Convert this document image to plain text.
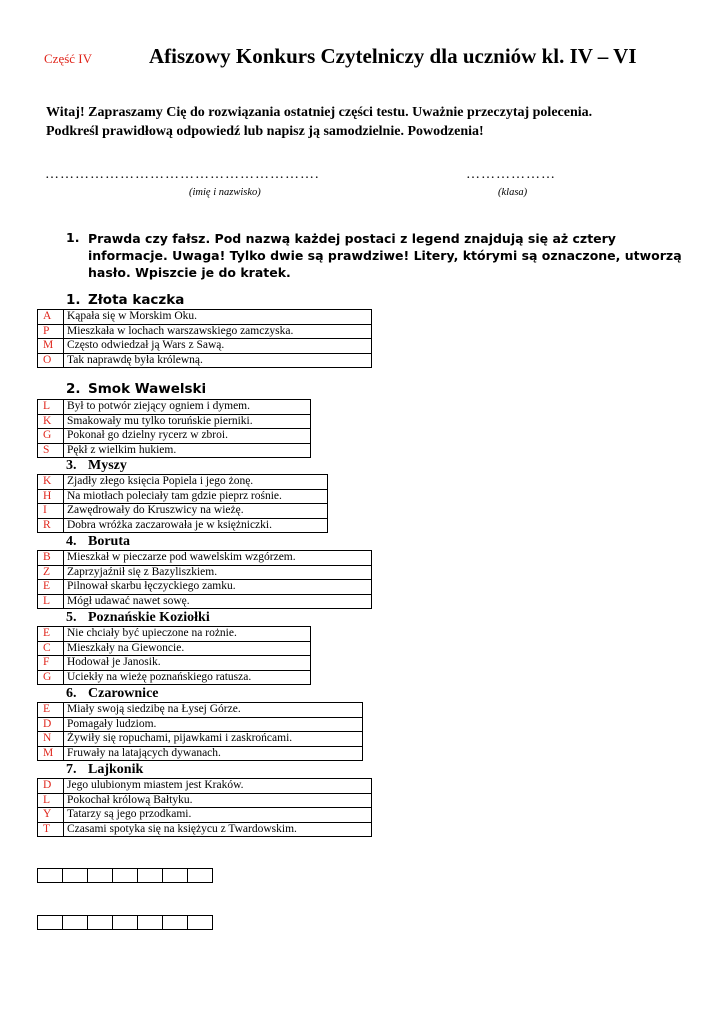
Część IV	Afiszowy Konkurs Czytelniczy dla uczniów kl. IV – VI
Witaj! Zapraszamy Cię do rozwiązania ostatniej części testu. Uważnie przeczytaj polecenia.
Podkreśl prawidłową odpowiedź lub napisz ją samodzielnie. Powodzenia!
……………………………………………….	………………
(imię i nazwisko)	(klasa)
1. Prawda czy fałsz. Pod nazwą każdej postaci z legend znajdują się aż cztery informacje. Uwaga! Tylko dwie są prawdziwe! Litery, którymi są oznaczone, utworzą hasło. Wpiszcie je do kratek.
1. Złota kaczka
A	Kąpała się w Morskim Oku.
P	Mieszkała w lochach warszawskiego zamczyska.
M	Często odwiedzał ją Wars z Sawą.
O	Tak naprawdę była królewną.
2. Smok Wawelski
L	Był to potwór ziejący ogniem i dymem.
K	Smakowały mu tylko toruńskie pierniki.
G	Pokonał go dzielny rycerz w zbroi.
S	Pękł z wielkim hukiem.
3. Myszy
K	Zjadły złego księcia Popiela i jego żonę.
H	Na miotłach poleciały tam gdzie pieprz rośnie.
I	Zawędrowały do Kruszwicy na wieżę.
R	Dobra wróżka zaczarowała je w księżniczki.
4. Boruta
B	Mieszkał w pieczarze pod wawelskim wzgórzem.
Z	Zaprzyjaźnił się z Bazyliszkiem.
E	Pilnował skarbu łęczyckiego zamku.
L	Mógł udawać nawet sowę.
5. Poznańskie Koziołki
E	Nie chciały być upieczone na rożnie.
C	Mieszkały na Giewoncie.
F	Hodował je Janosik.
G	Uciekły na wieżę poznańskiego ratusza.
6. Czarownice
E	Miały swoją siedzibę na Łysej Górze.
D	Pomagały ludziom.
N	Żywiły się ropuchami, pijawkami i zaskrońcami.
M	Fruwały na latających dywanach.
7. Lajkonik
D	Jego ulubionym miastem jest Kraków.
L	Pokochał królową Bałtyku.
Y	Tatarzy są jego przodkami.
T	Czasami spotyka się na księżycu z Twardowskim.
